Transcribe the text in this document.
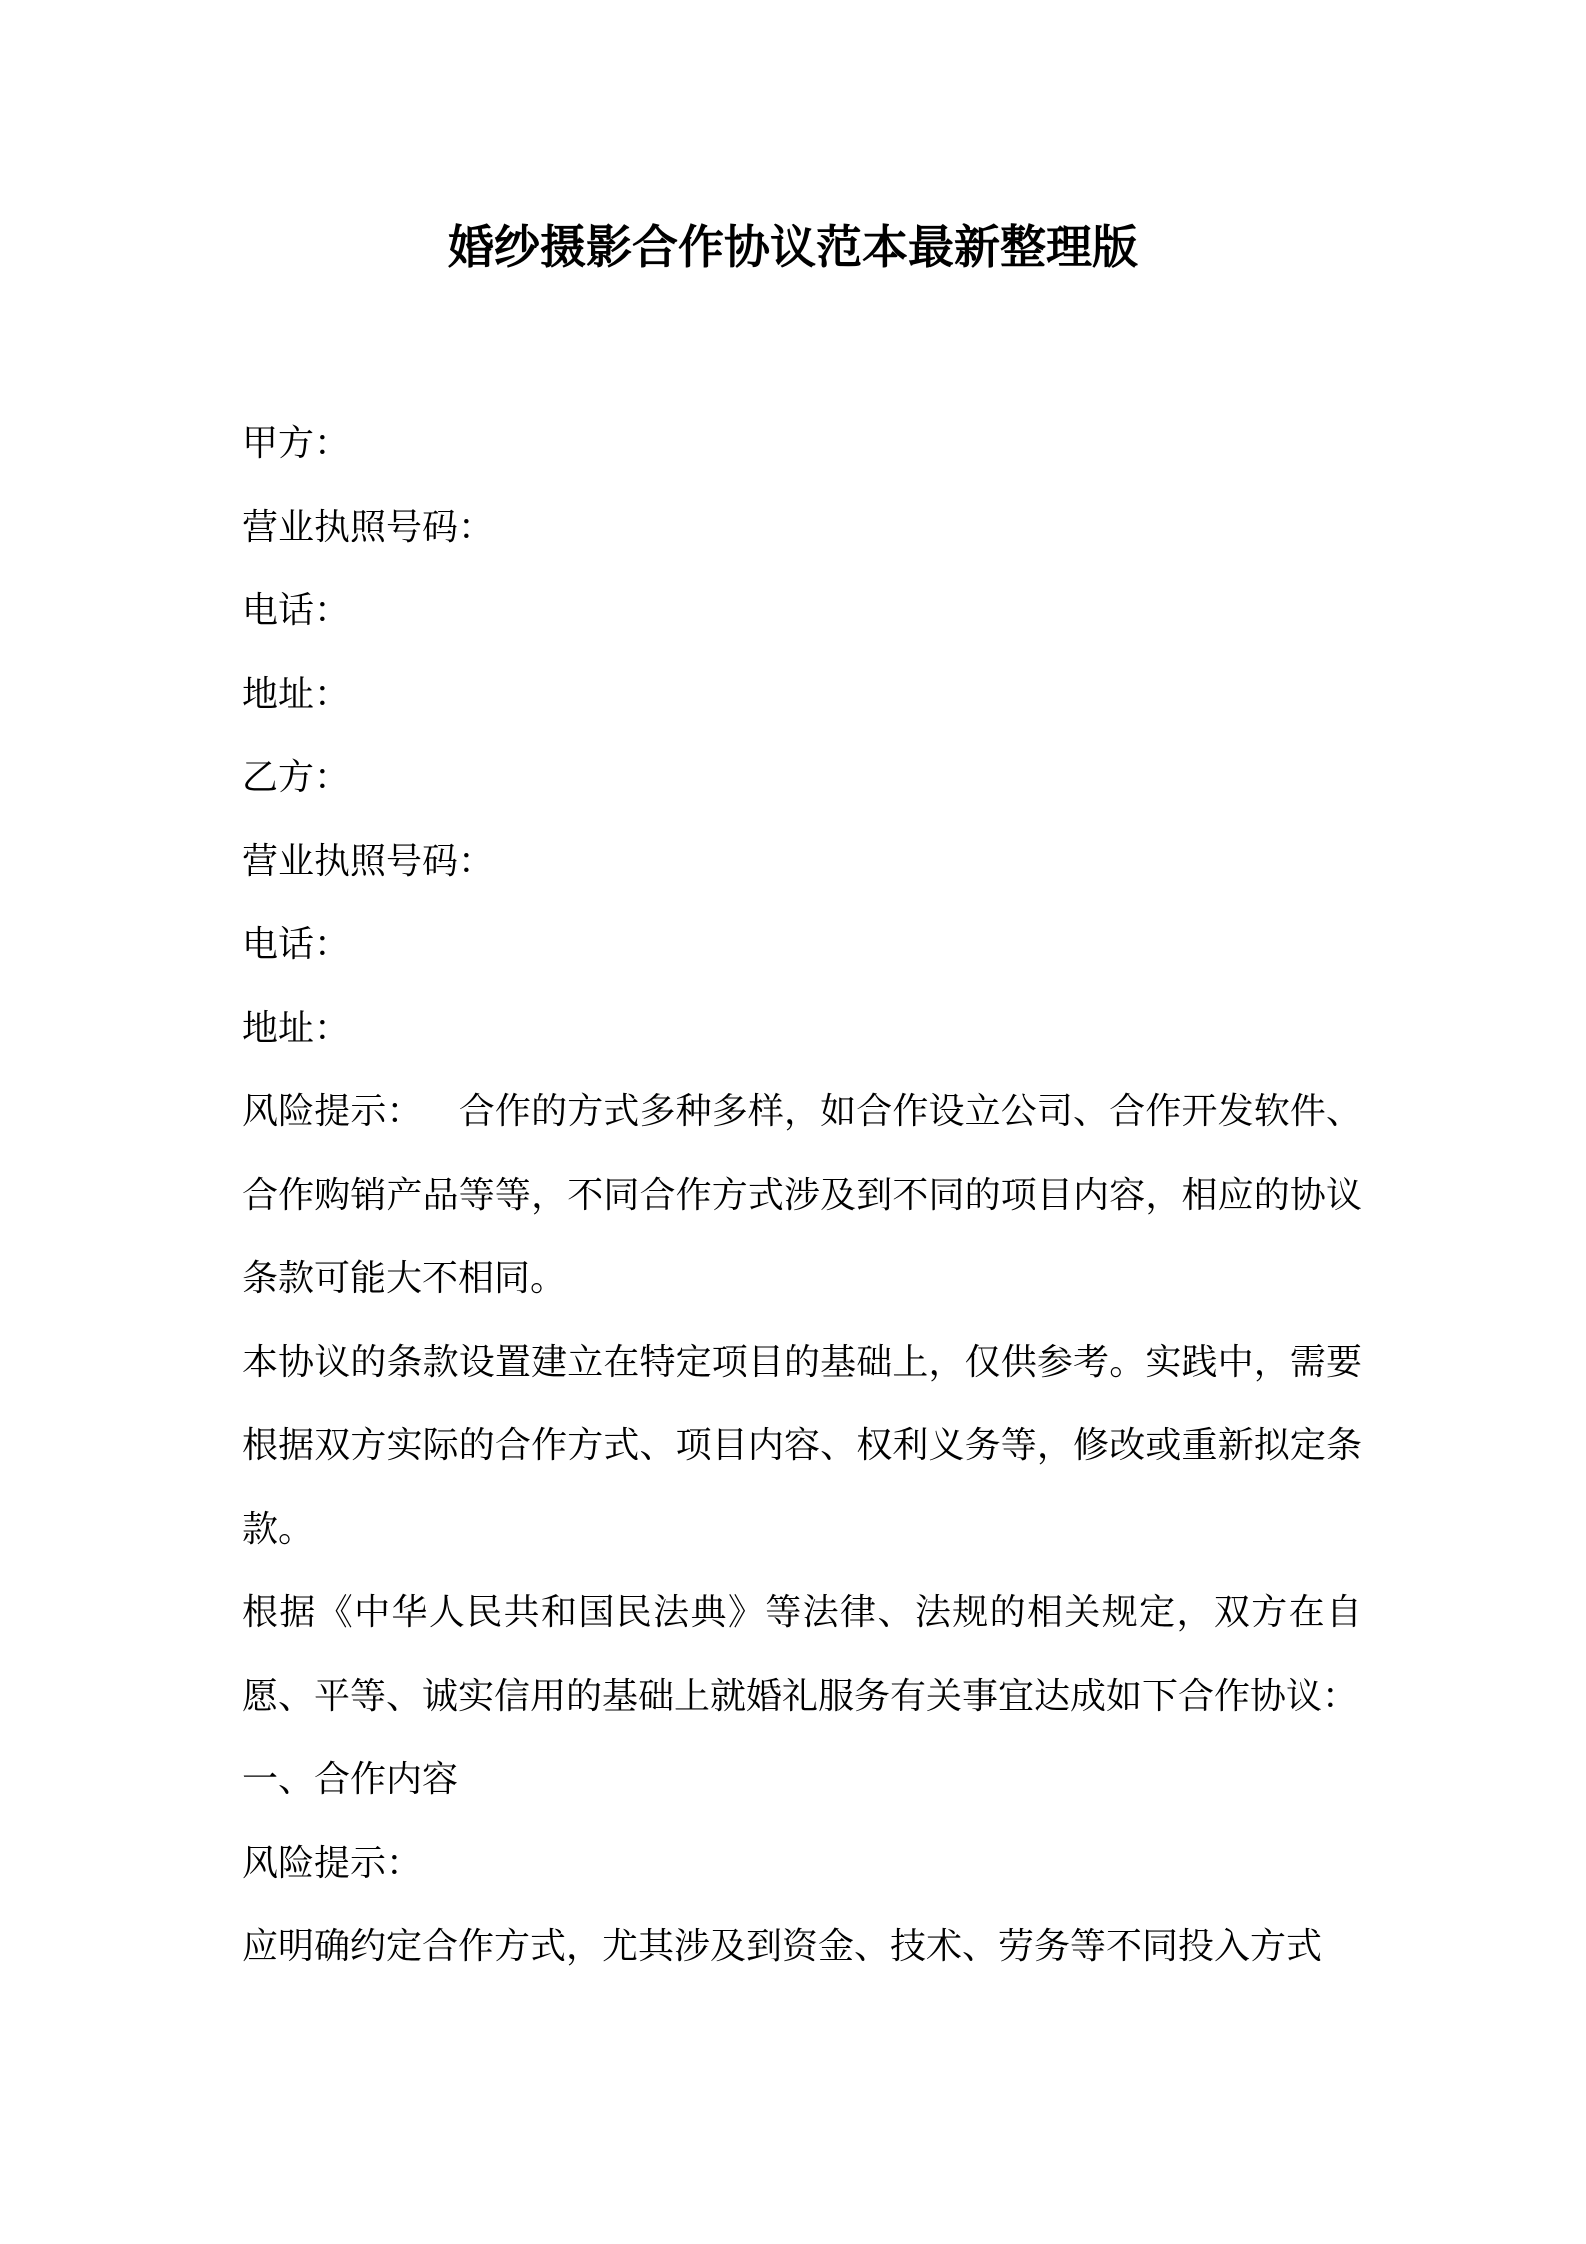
婚纱摄影合作协议范本最新整理版
甲方：
营业执照号码：
电话：
地址：
乙方：
营业执照号码：
电话：
地址：
风险提示： 合作的方式多种多样，如合作设立公司、合作开发软件、合作购销产品等等，不同合作方式涉及到不同的项目内容，相应的协议条款可能大不相同。
本协议的条款设置建立在特定项目的基础上，仅供参考。实践中，需要根据双方实际的合作方式、项目内容、权利义务等，修改或重新拟定条款。
根据《中华人民共和国民法典》等法律、法规的相关规定，双方在自愿、平等、诚实信用的基础上就婚礼服务有关事宜达成如下合作协议：
一、合作内容
风险提示：
应明确约定合作方式，尤其涉及到资金、技术、劳务等不同投入方式
